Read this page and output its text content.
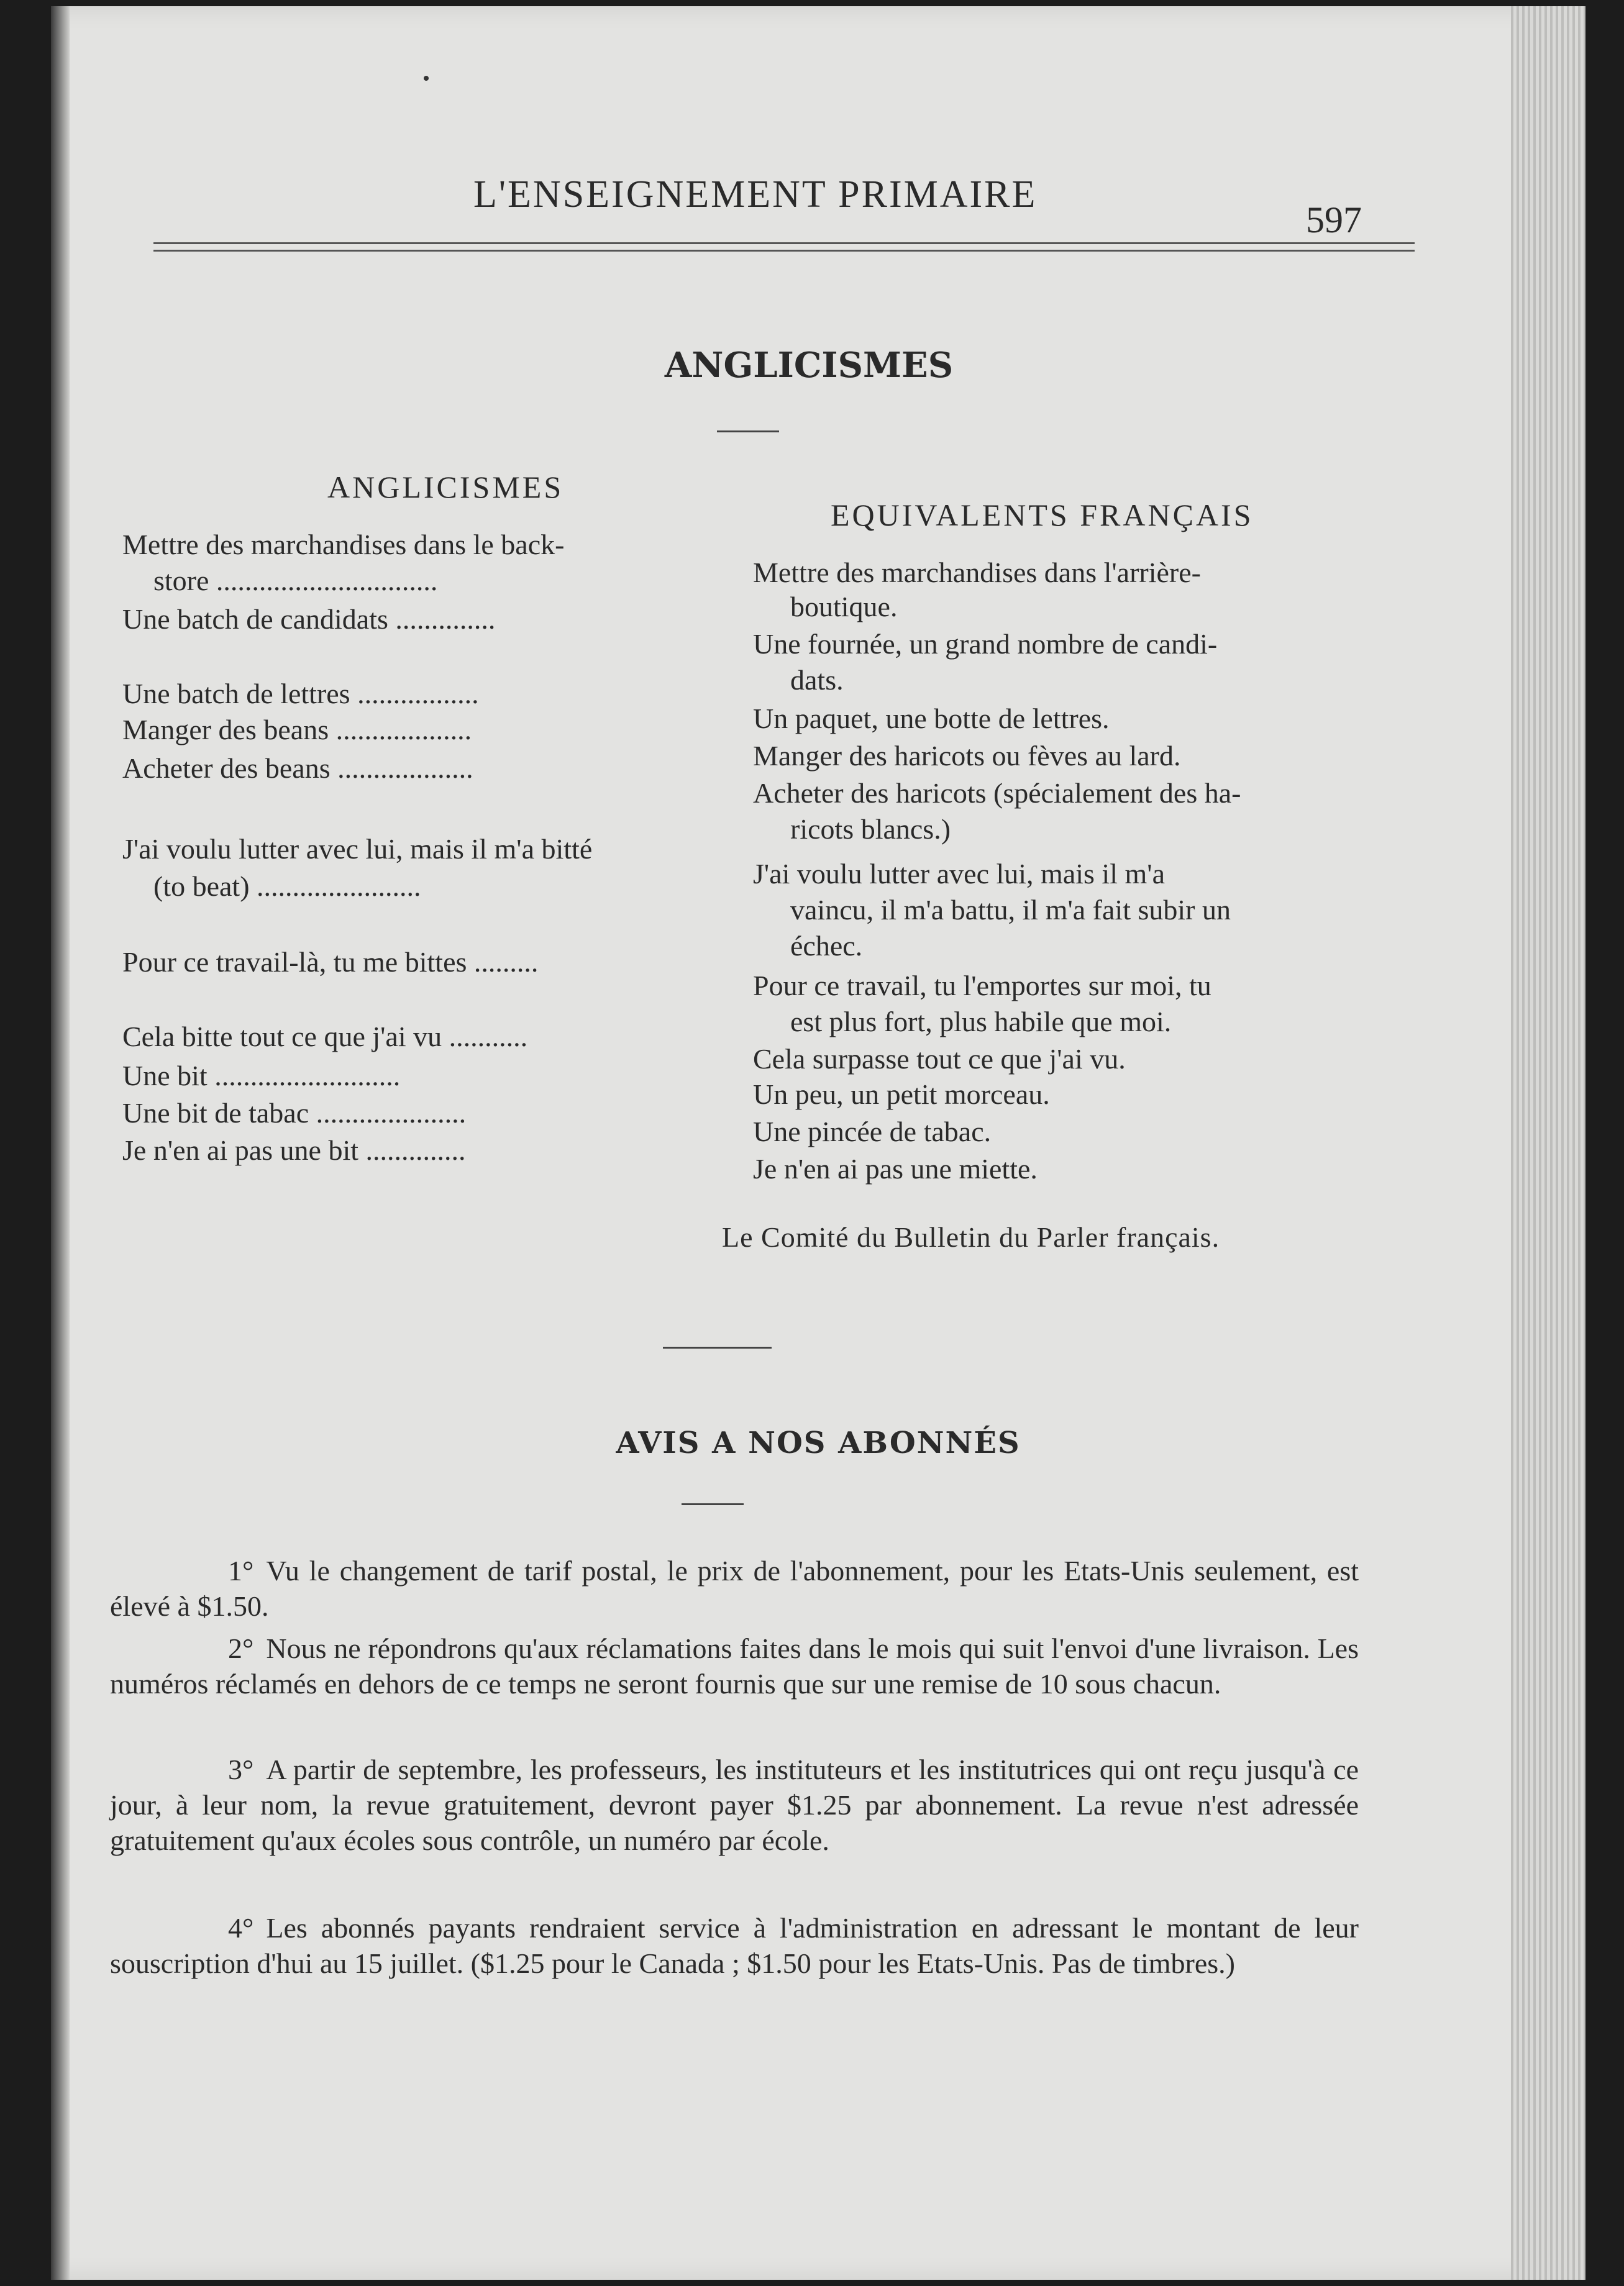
L'ENSEIGNEMENT PRIMAIRE
597
ANGLICISMES
ANGLICISMES
EQUIVALENTS FRANÇAIS
Mettre des marchandises dans le back-
Mettre des marchandises dans l'arrière-
store ...............................
boutique.
Une batch de candidats ..............
Une fournée, un grand nombre de candi-
dats.
Une batch de lettres .................
Un paquet, une botte de lettres.
Manger des beans ...................
Manger des haricots ou fèves au lard.
Acheter des beans ...................
Acheter des haricots (spécialement des ha-
ricots blancs.)
J'ai voulu lutter avec lui, mais il m'a bitté
J'ai voulu lutter avec lui, mais il m'a
(to beat) .......................
vaincu, il m'a battu, il m'a fait subir un
échec.
Pour ce travail-là, tu me bittes .........
Pour ce travail, tu l'emportes sur moi, tu
est plus fort, plus habile que moi.
Cela bitte tout ce que j'ai vu ...........
Cela surpasse tout ce que j'ai vu.
Une bit ..........................
Un peu, un petit morceau.
Une bit de tabac .....................
Une pincée de tabac.
Je n'en ai pas une bit ..............
Je n'en ai pas une miette.
Le Comité du Bulletin du Parler français.
AVIS A NOS ABONNÉS
1° Vu le changement de tarif postal, le prix de l'abonnement, pour les Etats-Unis seulement, est élevé à $1.50.
2° Nous ne répondrons qu'aux réclamations faites dans le mois qui suit l'envoi d'une livraison. Les numéros réclamés en dehors de ce temps ne seront fournis que sur une remise de 10 sous chacun.
3° A partir de septembre, les professeurs, les instituteurs et les institutrices qui ont reçu jusqu'à ce jour, à leur nom, la revue gratuitement, devront payer $1.25 par abonnement. La revue n'est adressée gratuitement qu'aux écoles sous contrôle, un numéro par école.
4° Les abonnés payants rendraient service à l'administration en adressant le montant de leur souscription d'hui au 15 juillet. ($1.25 pour le Canada ; $1.50 pour les Etats-Unis. Pas de timbres.)
